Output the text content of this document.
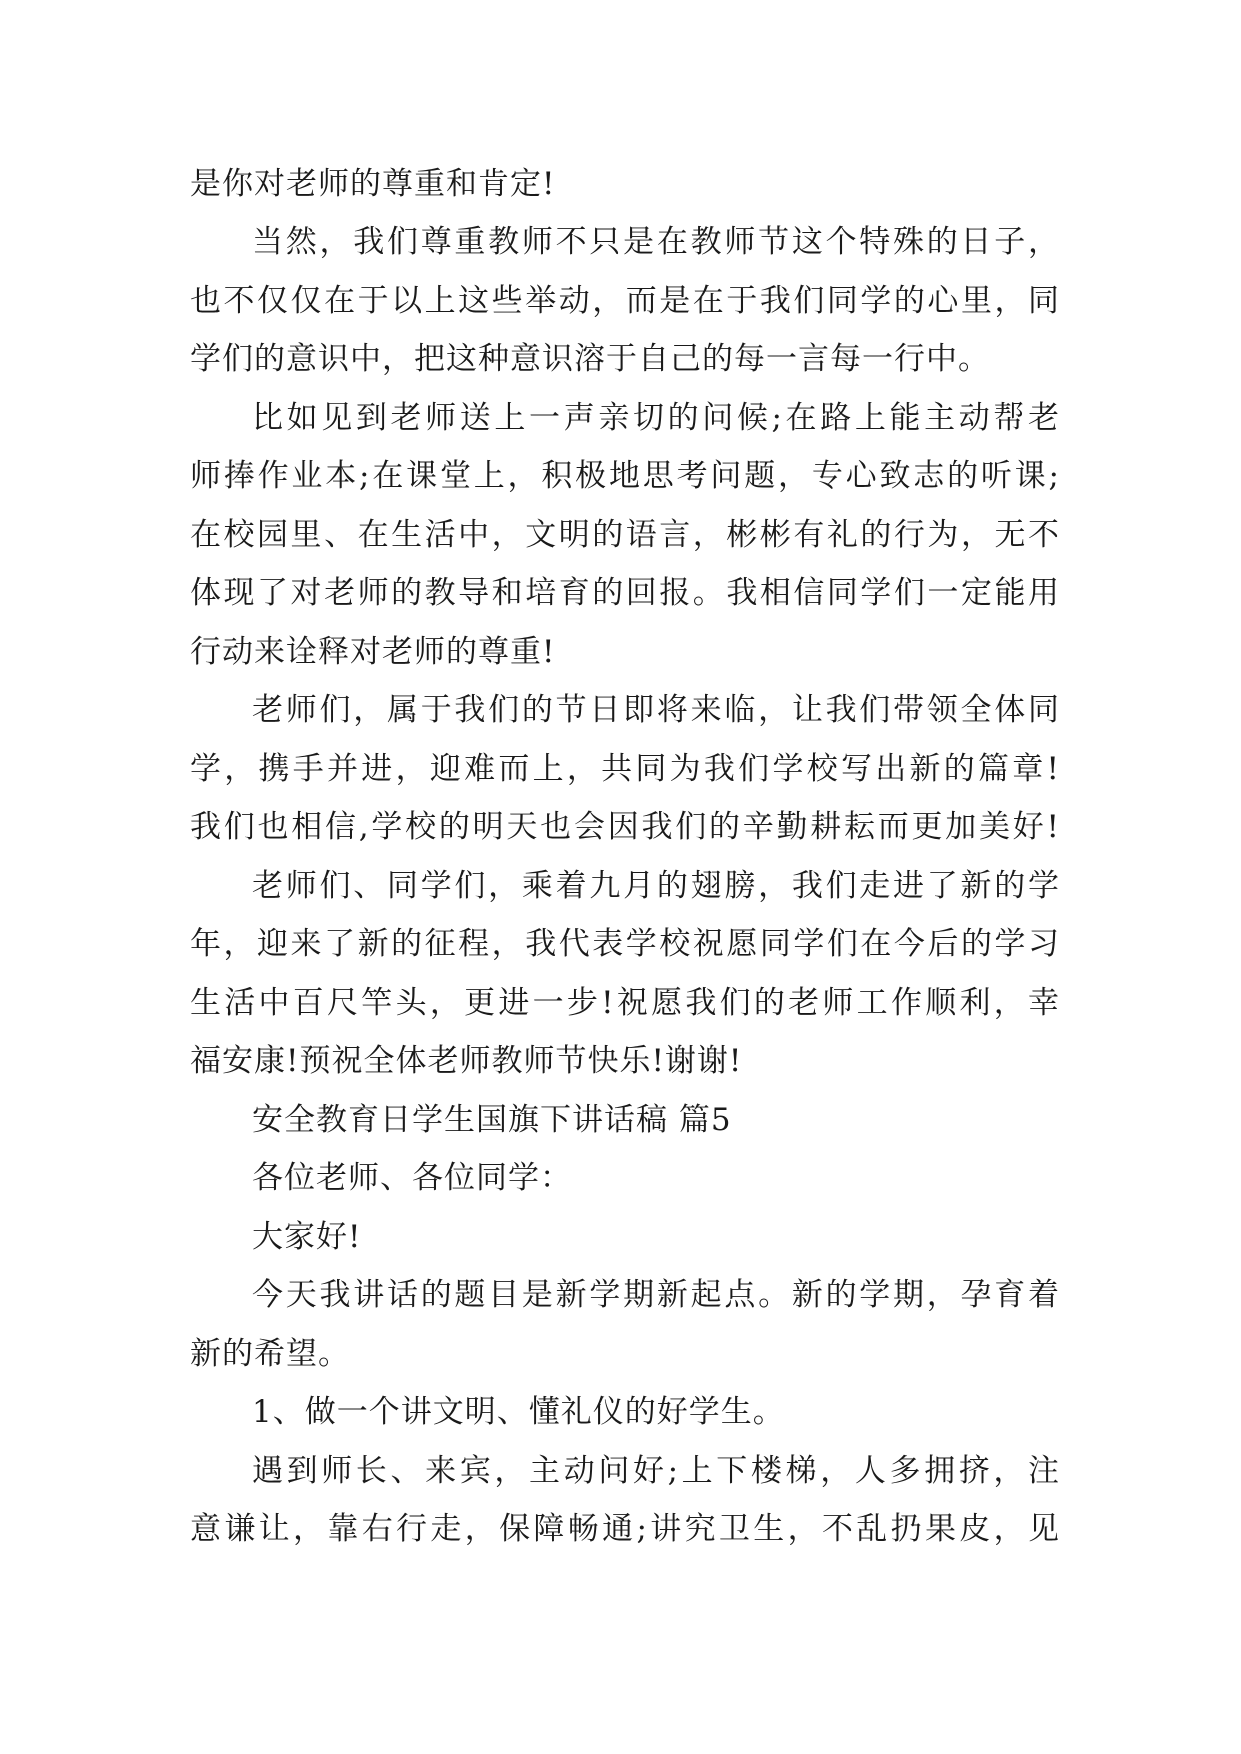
是你对老师的尊重和肯定!
当然，我们尊重教师不只是在教师节这个特殊的日子，
也不仅仅在于以上这些举动，而是在于我们同学的心里，同
学们的意识中，把这种意识溶于自己的每一言每一行中。
比如见到老师送上一声亲切的问候;在路上能主动帮老
师捧作业本;在课堂上，积极地思考问题，专心致志的听课;
在校园里、在生活中，文明的语言，彬彬有礼的行为，无不
体现了对老师的教导和培育的回报。我相信同学们一定能用
行动来诠释对老师的尊重!
老师们，属于我们的节日即将来临，让我们带领全体同
学，携手并进，迎难而上，共同为我们学校写出新的篇章!
我们也相信,学校的明天也会因我们的辛勤耕耘而更加美好!
老师们、同学们，乘着九月的翅膀，我们走进了新的学
年，迎来了新的征程，我代表学校祝愿同学们在今后的学习
生活中百尺竿头，更进一步!祝愿我们的老师工作顺利，幸
福安康!预祝全体老师教师节快乐!谢谢!
安全教育日学生国旗下讲话稿 篇5
各位老师、各位同学：
大家好!
今天我讲话的题目是新学期新起点。新的学期，孕育着
新的希望。
1、做一个讲文明、懂礼仪的好学生。
遇到师长、来宾，主动问好;上下楼梯，人多拥挤，注
意谦让，靠右行走，保障畅通;讲究卫生，不乱扔果皮，见
